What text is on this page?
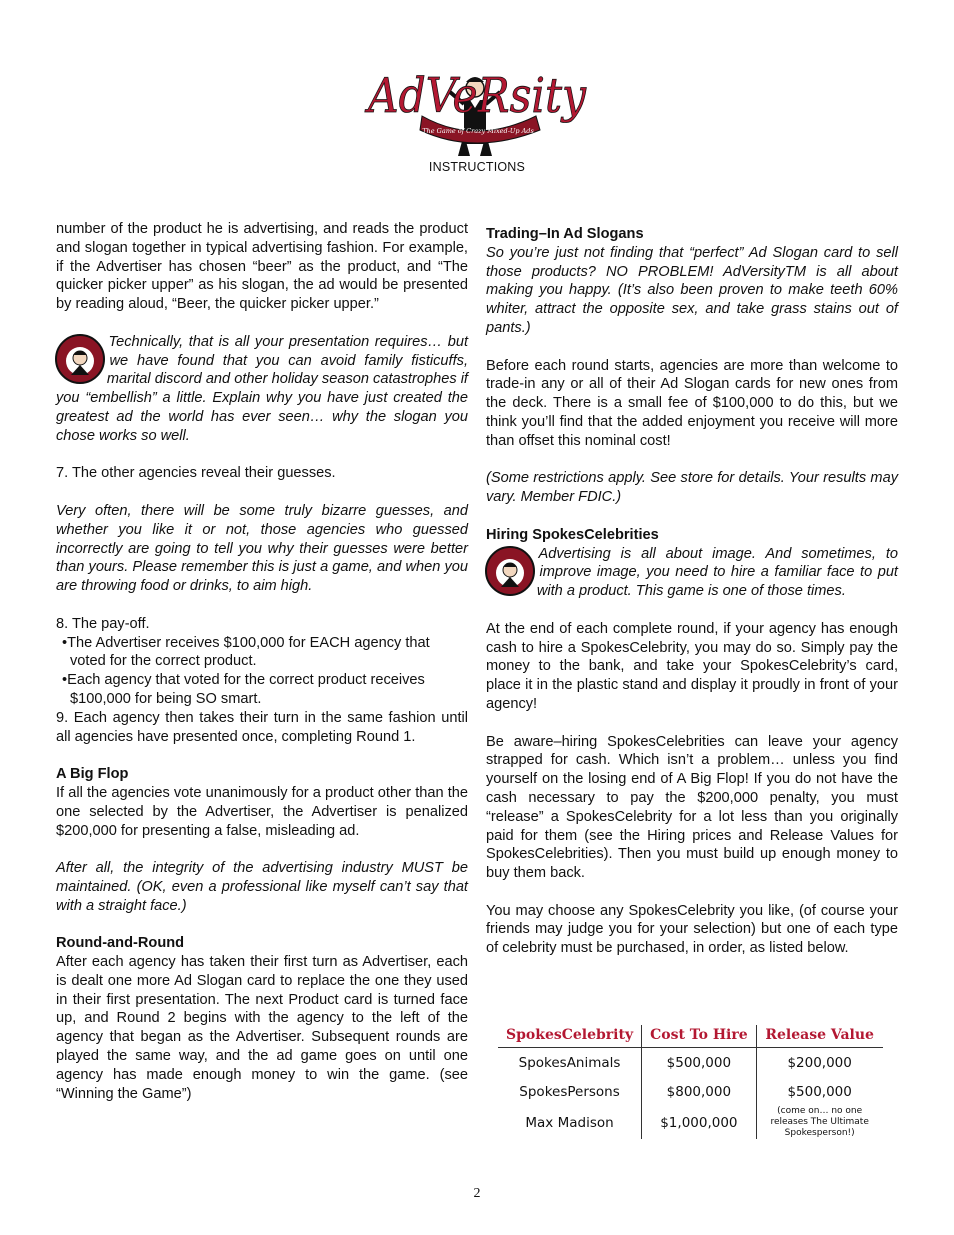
The Game of Crazy Mixed-Up Ads
AdVeRsity
INSTRUCTIONS

number of the product he is advertising, and reads the product and slogan together in typical advertising fashion. For example, if the Advertiser has chosen “beer” as the product, and “The quicker picker upper” as his slogan, the ad would be presented by reading aloud, “Beer, the quicker picker upper.”

Technically, that is all your presentation requires… but we have found that you can avoid family fisticuffs, marital discord and other holiday season catastrophes if you “embellish” a little. Explain why you have just created the greatest ad the world has ever seen… why the slogan you chose works so well.

7. The other agencies reveal their guesses.

Very often, there will be some truly bizarre guesses, and whether you like it or not, those agencies who guessed incorrectly are going to tell you why their guesses were better than yours. Please remember this is just a game, and when you are throwing food or drinks, to aim high.

8. The pay-off.

•The Advertiser receives $100,000 for EACH agency that
voted for the correct product.

•Each agency that voted for the correct product receives
$100,000 for being SO smart.

9. Each agency then takes their turn in the same fashion until all agencies have presented once, completing Round 1.

A Big Flop
If all the agencies vote unanimously for a product other than the one selected by the Advertiser, the Advertiser is penalized $200,000 for presenting a false, misleading ad.

After all, the integrity of the advertising industry MUST be maintained. (OK, even a professional like myself can’t say that with a straight face.)

Round-and-Round
After each agency has taken their first turn as Advertiser, each is dealt one more Ad Slogan card to replace the one they used in their first presentation. The next Product card is turned face up, and Round 2 begins with the agency to the left of the agency that began as the Advertiser. Subsequent rounds are played the same way, and the ad game goes on until one agency has made enough money to win the game. (see “Winning the Game”)

Trading–In Ad Slogans
So you’re just not finding that “perfect” Ad Slogan card to sell those products? NO PROBLEM! AdVersityTM is all about making you happy. (It’s also been proven to make teeth 60% whiter, attract the opposite sex, and take grass stains out of pants.)

Before each round starts, agencies are more than welcome to trade-in any or all of their Ad Slogan cards for new ones from the deck. There is a small fee of $100,000 to do this, but we think you’ll find that the added enjoyment you receive will more than offset this nominal cost!

(Some restrictions apply. See store for details. Your results may vary. Member FDIC.)

Hiring SpokesCelebrities
Advertising is all about image. And sometimes, to improve image, you need to hire a familiar face to put with a product. This game is one of those times.

At the end of each complete round, if your agency has enough cash to hire a SpokesCelebrity, you may do so. Simply pay the money to the bank, and take your SpokesCelebrity’s card, place it in the plastic stand and display it proudly in front of your agency!

Be aware–hiring SpokesCelebrities can leave your agency strapped for cash. Which isn’t a problem… unless you find yourself on the losing end of A Big Flop! If you do not have the cash necessary to pay the $200,000 penalty, you must “release” a SpokesCelebrity for a lot less than you originally paid for them (see the Hiring prices and Release Values for SpokesCelebrities). Then you must build up enough money to buy them back.

You may choose any SpokesCelebrity you like, (of course your friends may judge you for your selection) but one of each type of celebrity must be purchased, in order, as listed below.

SpokesCelebrity	Cost To Hire	Release Value
SpokesAnimals	$500,000	$200,000
SpokesPersons	$800,000	$500,000
Max Madison	$1,000,000	(come on… no one releases The Ultimate Spokesperson!)
2
